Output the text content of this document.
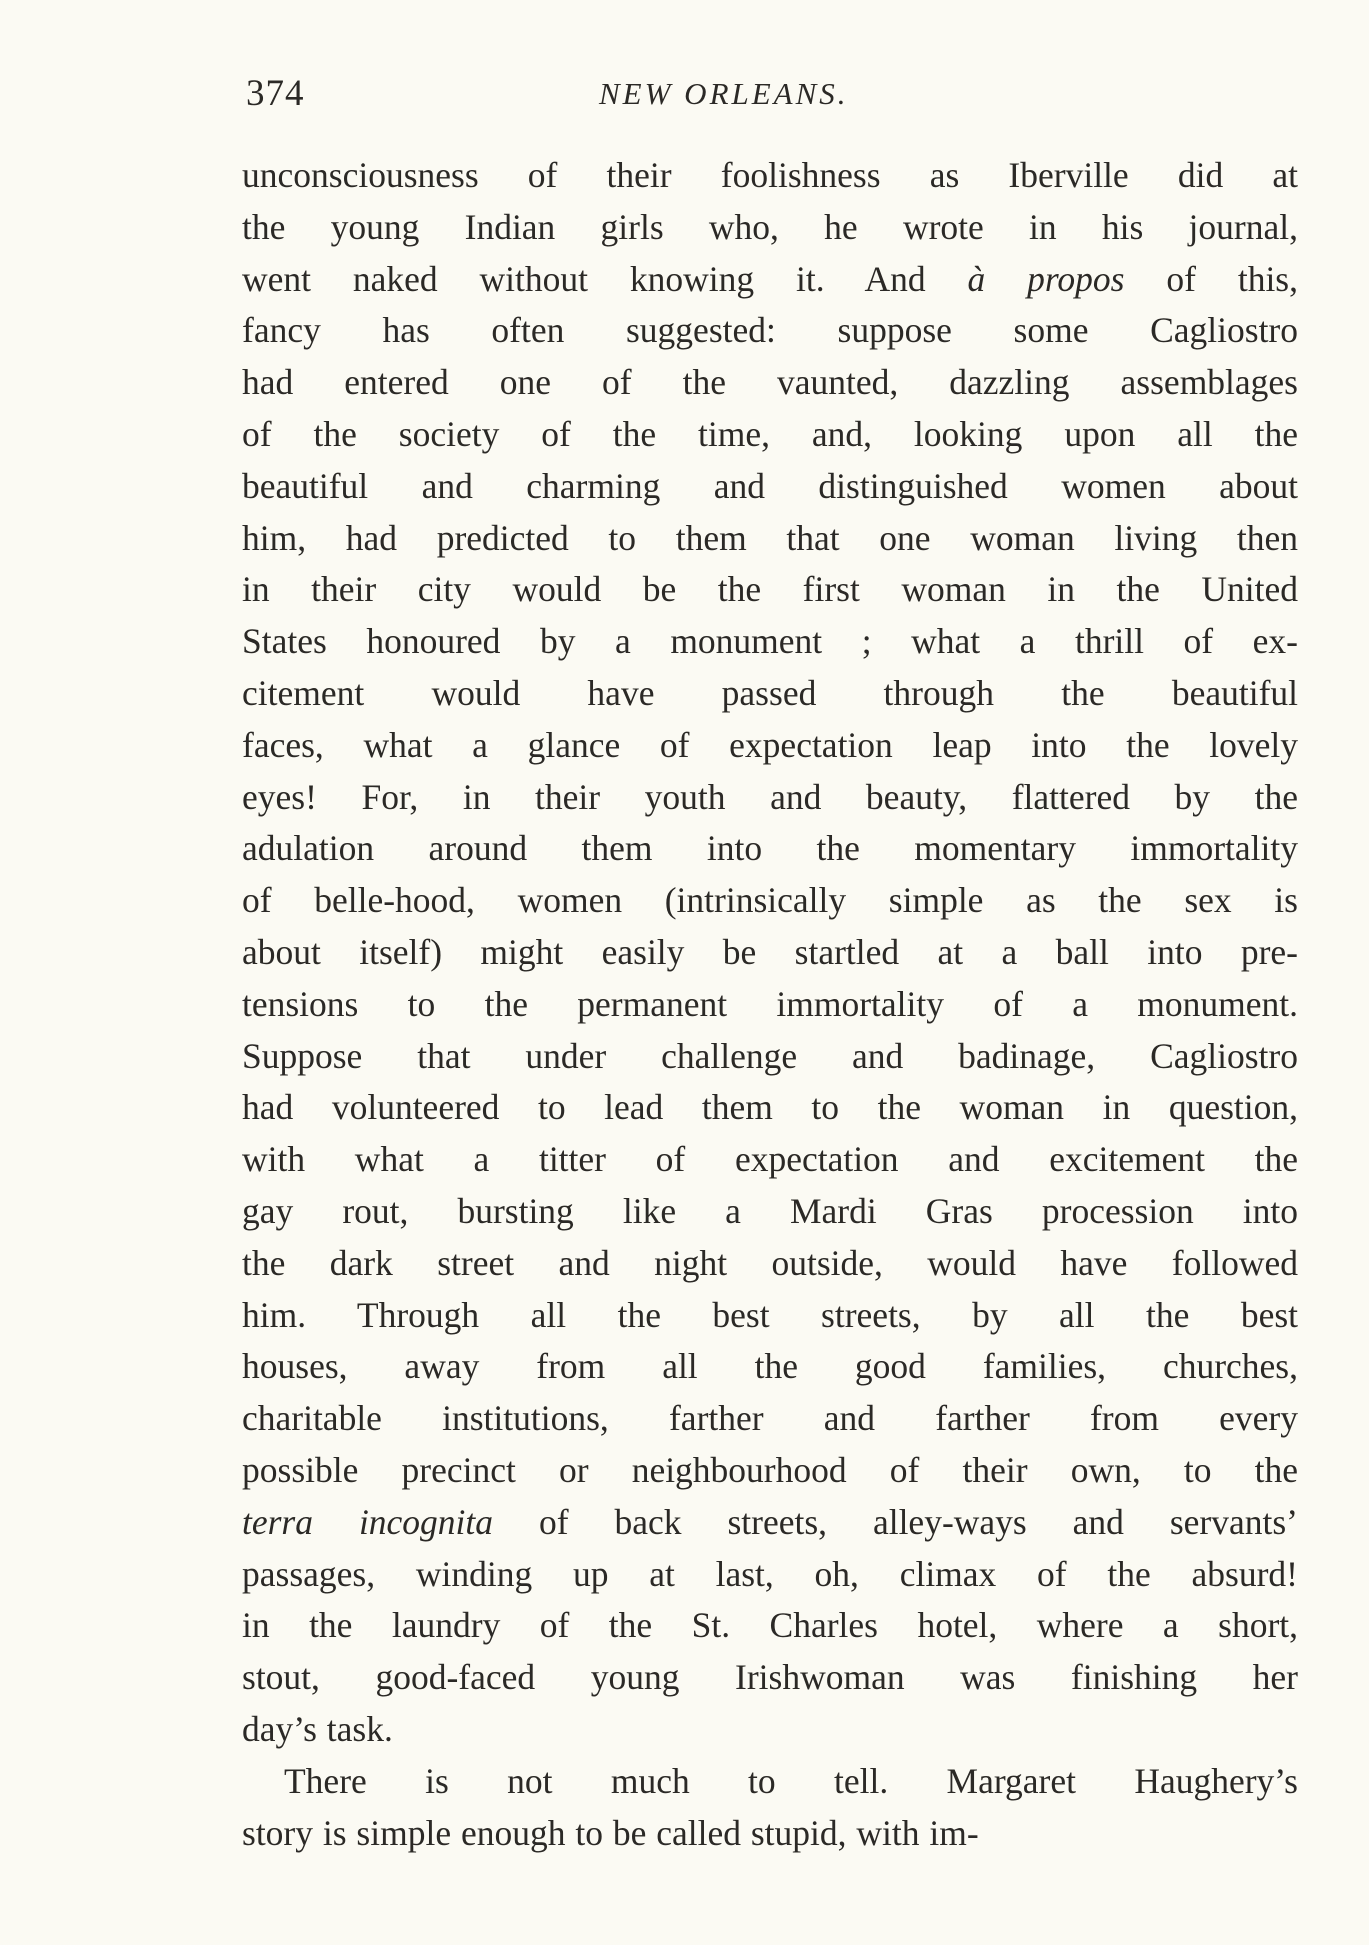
374	NEW ORLEANS.
unconsciousness of their foolishness as Iberville did at
the young Indian girls who, he wrote in his journal,
went naked without knowing it. And à propos of this,
fancy has often suggested: suppose some Cagliostro
had entered one of the vaunted, dazzling assemblages
of the society of the time, and, looking upon all the
beautiful and charming and distinguished women about
him, had predicted to them that one woman living then
in their city would be the first woman in the United
States honoured by a monument ; what a thrill of ex-
citement would have passed through the beautiful
faces, what a glance of expectation leap into the lovely
eyes! For, in their youth and beauty, flattered by the
adulation around them into the momentary immortality
of belle-hood, women (intrinsically simple as the sex is
about itself) might easily be startled at a ball into pre-
tensions to the permanent immortality of a monument.
Suppose that under challenge and badinage, Cagliostro
had volunteered to lead them to the woman in question,
with what a titter of expectation and excitement the
gay rout, bursting like a Mardi Gras procession into
the dark street and night outside, would have followed
him. Through all the best streets, by all the best
houses, away from all the good families, churches,
charitable institutions, farther and farther from every
possible precinct or neighbourhood of their own, to the
terra incognita of back streets, alley-ways and servants’
passages, winding up at last, oh, climax of the absurd!
in the laundry of the St. Charles hotel, where a short,
stout, good-faced young Irishwoman was finishing her
day’s task.
There is not much to tell. Margaret Haughery’s
story is simple enough to be called stupid, with im-
